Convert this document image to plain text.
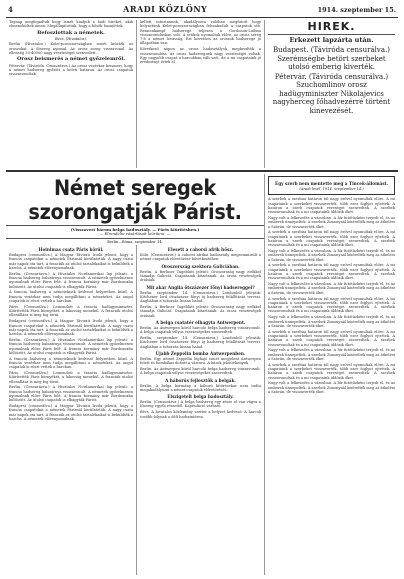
4	ARADI KÖZLÖNY	1914. szeptember 15.

Tegnap megfogadtuk hogy ismét kiadjuk a hadi híreket, akik elmenekültek innen. Megállapították, hogy a hősök hazajöttek.

Befoszlottak a németek.
Bécs, (Hivatalos).

Berlin (Hivatalos.) Kelet-poroszországban ismét kiűzték az oroszokat. A fősereg nyomul. Az orosz sereg visszavonul. Az ellenség 30-40000 nagy veszteséget szenvedett.

Orosz beismerés a német győzelemről.

Pétervár. (Táviróda. Censurázva.) Az orosz vezérkar beismeri, hogy a német hadsereg győzött a keleti határon. Az orosz csapatok visszavonultak.

kellett inteztanunk, akadályozva valóban megfutott hogy helyzetünk Kelet-poroszországban felszabadult a csapatok stb. Rennenkampf hadserege teljesen a Gordonon-Luiban visszavonulásban volt. A svábok nyomultak előre, az orosz sereg 7-8 a német lovasság. Ezt követően az oroszok hadserege jó állapotban van.

Következő napon az orosz hadosztályok megkezdték a visszavonulást. Az orosz hadseregnek nagy veszteségei voltak. Egy nagyobb csapat a harcokban vált szét, de a mi csapataink jó eredményt értek el.

HIREK.
Erkezett lapzárta után.
Budapest. (Táviróda censurálva.) Szerémségbe betört szerbeket utolsó emberig kiverték.
Pétervár. (Táviróda censurálva.) Szuchomlinov orosz hadügyminiszter Nikolajevics nagyherceg főhadvezérré történt kinevezését.
Német seregek szorongatják Párist.
(Visszavert három belga hadosztály. — Páris kiürítésben.)
— Elrendelte vásárlásait kiüríteni. —
Berlin—Róma, szeptember 14.
Hoinlmas csata Páris körül.

Budapest (censurálva.) A Magyar Távirati Iroda jelenti, hogy a francia csapatokat a németek Párisnál körülzárták. A nagy csata már napok óta tart. A franciák az utolsó tartalékaikat is beküldték a harcba. A németek előrenyomulnak.

Berlin. (Censurázva.) A Hivatalos Nordamerikai lap jelenti: a francia hadsereg balszárnya visszavonult. A németek győzelmesen nyomulnak előre Páris felé. A francia kormány már Bordeauxba költözött. Az utolsó csapatok is elhagyták Párist.

A francia hadsereg a németeknek kedvező helyzetben küzd. A francia vezérkar nem tudja megállítani a németeket. Az angol csapatok is részt vettek a harcban.

Páris. (Censurálva.) Lemondott a francia hadügyminiszter. Kiürítették Páris környékét, a lakosság menekül. A franciák utolsó ellenállása is meg fog törni.

Budapest (censurálva.) A Magyar Távirati Iroda jelenti, hogy a francia csapatokat a németek Párisnál körülzárták. A nagy csata már napok óta tart. A franciák az utolsó tartalékaikat is beküldték a harcba. A németek előrenyomulnak.

Berlin. (Censurázva.) A Hivatalos Nordamerikai lap jelenti: a francia hadsereg balszárnya visszavonult. A németek győzelmesen nyomulnak előre Páris felé. A francia kormány már Bordeauxba költözött. Az utolsó csapatok is elhagyták Párist.

A francia hadsereg a németeknek kedvező helyzetben küzd. A francia vezérkar nem tudja megállítani a németeket. Az angol csapatok is részt vettek a harcban.

Páris. (Censurálva.) Lemondott a francia hadügyminiszter. Kiürítették Páris környékét, a lakosság menekül. A franciák utolsó ellenállása is meg fog törni.

Berlin. (Censurázva.) A Hivatalos Nordamerikai lap jelenti: a francia hadsereg balszárnya visszavonult. A németek győzelmesen nyomulnak előre Páris felé. A francia kormány már Bordeauxba költözött. Az utolsó csapatok is elhagyták Párist.

Budapest (censurálva.) A Magyar Távirati Iroda jelenti, hogy a francia csapatokat a németek Párisnál körülzárták. A nagy csata már napok óta tart. A franciák az utolsó tartalékaikat is beküldték a harcba. A németek előrenyomulnak.

Elesett a cahorsi afrik hősz.

Köln. (Censurázva.) A cahorsi afrikai hadosztály megsemmisült a német csapatok előretörése következtében.

Oroszország szektora Galiciában.

Berlin. A Berliner Tageblatt jelenti: Oroszország nagy erőkkel támadja Galiciát. Csapataink kitartanak. Az orosz veszteségek óriásiak.

Mit akar Anglia ötszázezer főnyi hadsereggel?

Berlin, szeptember 14. (Censurázva.) Londonból jelentik: Kitchener lord ötszázezer főnyi új hadsereg felállítását tervezi. Angliában a toborzás lassan halad.

Berlin. A Berliner Tageblatt jelenti: Oroszország nagy erőkkel támadja Galiciát. Csapataink kitartanak. Az orosz veszteségek óriásiak.

A belga csatatér elhagyta Antwerpent.

Berlin. Az Antwerpen körül harcoló belga hadsereg visszavonult. A belga csapatok súlyos veszteségeket szenvedtek.

Berlin, szeptember 14. (Censurázva.) Londonból jelentik: Kitchener lord ötszázezer főnyi új hadsereg felállítását tervezi. Angliában a toborzás lassan halad.

Újabb Zeppelin bomba Antwerpenben.

Berlin. Egy német Zeppelin léghajó ismét megjelent Antwerpen felett és bombákat dobott a városra. A károk jelentékenyek.

Berlin. Az Antwerpen körül harcoló belga hadsereg visszavonult. A belga csapatok súlyos veszteségeket szenvedtek.

A háborús fejlesztők a belgák.

Berlin. A belga kormány a háború kitörésekor nem tudta megakadályozni a német csapatok előretörését.

Elszigetelt belga hadosztály.

Berlin. (Censurázva.) A belga hadsereg egy része el van vágva a fősereg egyéb részeitől. Kapituláció várható.

Bécs. A hivatalos közlemény szerint a helyzet kedvező. A harcok tovább folynak a déli hadszíntéren.

Egy szerb nem mentette meg a Tincek-állomást.
(Aradi levél, 1914. szeptember 14.)

A szerbek a szerbiai határon túl nagy erővel nyomultak előre. A mi csapataink a szerbeket visszaverték, több ezer foglyot ejtettek. A határon a szerb csapatok vereséget szenvedtek. A szerbek visszavonultak és a mi csapataink üldözik őket.

Nagy volt a lelkesedés a városban. A hír futótűzként terjedt el, és az emberek ünnepeltek. A szerbek Zimonynál kísérelték meg az átkelést a Száván, de visszaverték őket.

A szerbek a szerbiai határon túl nagy erővel nyomultak előre. A mi csapataink a szerbeket visszaverték, több ezer foglyot ejtettek. A határon a szerb csapatok vereséget szenvedtek. A szerbek visszavonultak és a mi csapataink üldözik őket.

Nagy volt a lelkesedés a városban. A hír futótűzként terjedt el, és az emberek ünnepeltek. A szerbek Zimonynál kísérelték meg az átkelést a Száván, de visszaverték őket.

A szerbek a szerbiai határon túl nagy erővel nyomultak előre. A mi csapataink a szerbeket visszaverték, több ezer foglyot ejtettek. A határon a szerb csapatok vereséget szenvedtek. A szerbek visszavonultak és a mi csapataink üldözik őket.

Nagy volt a lelkesedés a városban. A hír futótűzként terjedt el, és az emberek ünnepeltek. A szerbek Zimonynál kísérelték meg az átkelést a Száván, de visszaverték őket.

A szerbek a szerbiai határon túl nagy erővel nyomultak előre. A mi csapataink a szerbeket visszaverték, több ezer foglyot ejtettek. A határon a szerb csapatok vereséget szenvedtek. A szerbek visszavonultak és a mi csapataink üldözik őket.

Nagy volt a lelkesedés a városban. A hír futótűzként terjedt el, és az emberek ünnepeltek. A szerbek Zimonynál kísérelték meg az átkelést a Száván, de visszaverték őket.

A szerbek a szerbiai határon túl nagy erővel nyomultak előre. A mi csapataink a szerbeket visszaverték, több ezer foglyot ejtettek. A határon a szerb csapatok vereséget szenvedtek. A szerbek visszavonultak és a mi csapataink üldözik őket.

Nagy volt a lelkesedés a városban. A hír futótűzként terjedt el, és az emberek ünnepeltek. A szerbek Zimonynál kísérelték meg az átkelést a Száván, de visszaverték őket.

A szerbek a szerbiai határon túl nagy erővel nyomultak előre. A mi csapataink a szerbeket visszaverték, több ezer foglyot ejtettek. A határon a szerb csapatok vereséget szenvedtek. A szerbek visszavonultak és a mi csapataink üldözik őket.

Nagy volt a lelkesedés a városban. A hír futótűzként terjedt el, és az emberek ünnepeltek. A szerbek Zimonynál kísérelték meg az átkelést a Száván, de visszaverték őket.
